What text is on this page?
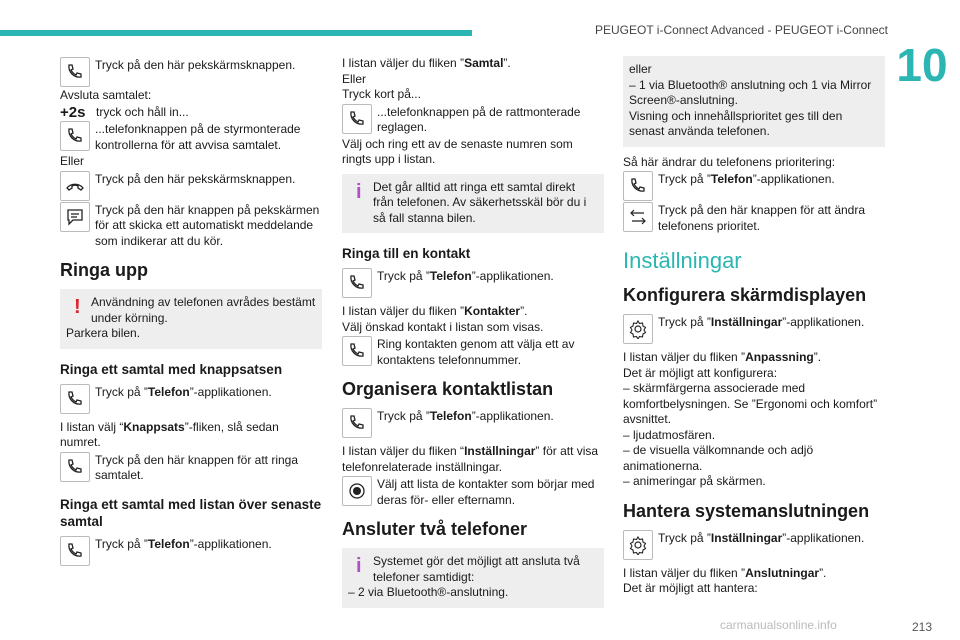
PEUGEOT i-Connect Advanced - PEUGEOT i-Connect
10
Tryck på den här pekskärmsknappen.

Avsluta samtalet:

+2s tryck och håll in...
...telefonknappen på de styrmonterade kontrollerna för att avvisa samtalet.

Eller

Tryck på den här pekskärmsknappen.
Tryck på den här knappen på pekskärmen för att skicka ett automatiskt meddelande som indikerar att du kör.
Ringa upp
! Användning av telefonen avrådes bestämt under körning.
Parkera bilen.
Ringa ett samtal med knappsatsen
Tryck på ”Telefon”-applikationen.

I listan välj “Knappsats”-fliken, slå sedan numret.

Tryck på den här knappen för att ringa samtalet.
Ringa ett samtal med listan över senaste samtal
Tryck på ”Telefon”-applikationen.

I listan väljer du fliken ”Samtal”.

Eller

Tryck kort på...

...telefonknappen på de rattmonterade reglagen.

Välj och ring ett av de senaste numren som ringts upp i listan.

i Det går alltid att ringa ett samtal direkt från telefonen. Av säkerhetsskäl bör du i så fall stanna bilen.
Ringa till en kontakt
Tryck på ”Telefon”-applikationen.

I listan väljer du fliken ”Kontakter”.

Välj önskad kontakt i listan som visas.

Ring kontakten genom att välja ett av kontaktens telefonnummer.
Organisera kontaktlistan
Tryck på ”Telefon”-applikationen.

I listan väljer du fliken “Inställningar” för att visa telefonrelaterade inställningar.

Välj att lista de kontakter som börjar med deras för- eller efternamn.
Ansluter två telefoner
i Systemet gör det möjligt att ansluta två telefoner samtidigt:
– 2 via Bluetooth®-anslutning.
eller
– 1 via Bluetooth® anslutning och 1 via Mirror Screen®-anslutning.
Visning och innehållsprioritet ges till den senast använda telefonen.

Så här ändrar du telefonens prioritering:

Tryck på ”Telefon”-applikationen.
Tryck på den här knappen för att ändra telefonens prioritet.
Inställningar
Konfigurera skärmdisplayen
Tryck på ”Inställningar”-applikationen.

I listan väljer du fliken ”Anpassning”.

Det är möjligt att konfigurera:

– skärmfärgerna associerade med komfortbelysningen. Se ”Ergonomi och komfort” avsnittet.

– ljudatmosfären.

– de visuella välkomnande och adjö animationerna.

– animeringar på skärmen.

Hantera systemanslutningen
Tryck på ”Inställningar”-applikationen.

I listan väljer du fliken ”Anslutningar”.

Det är möjligt att hantera:

carmanualsonline.info	213
